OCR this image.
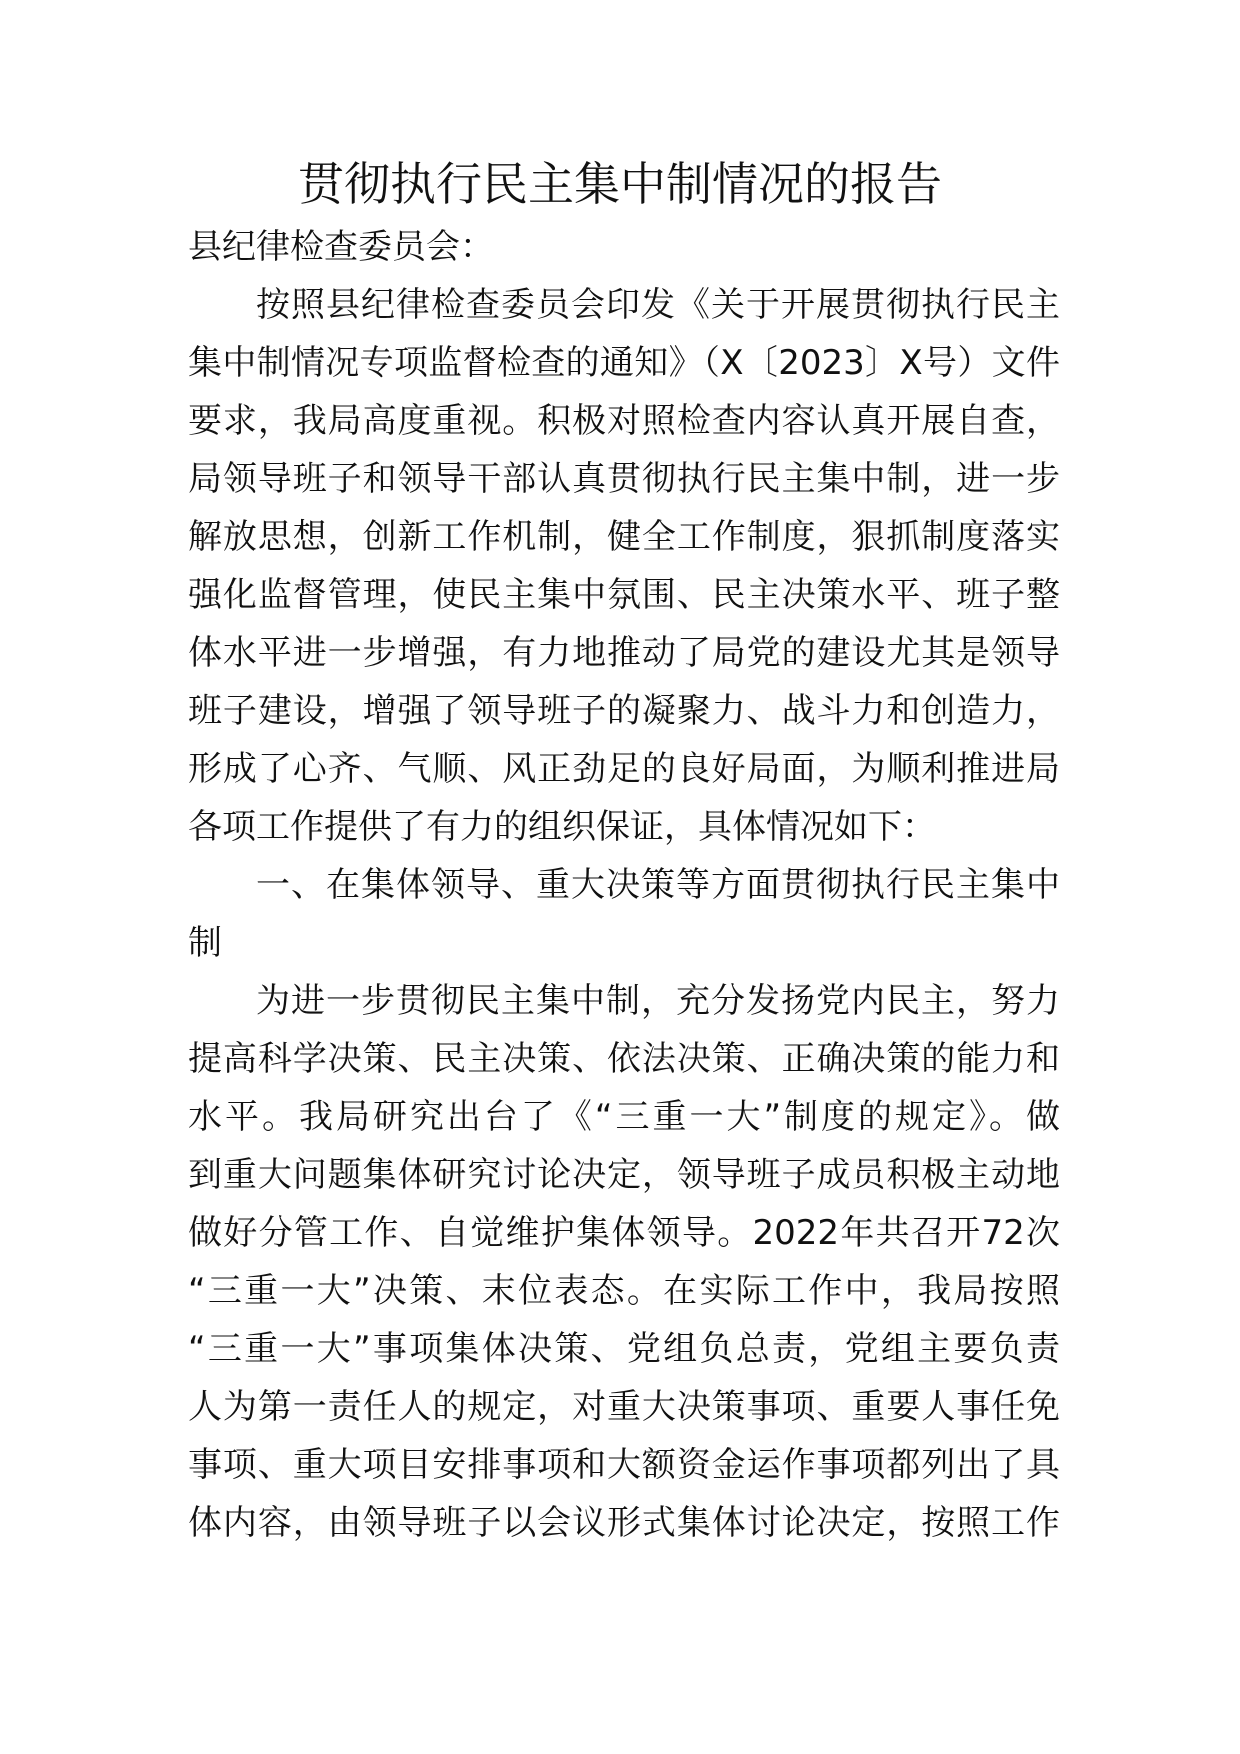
贯彻执行民主集中制情况的报告
县纪律检查委员会：
按照县纪律检查委员会印发《关于开展贯彻执行民主
集中制情况专项监督检查的通知》（X〔2023〕X号）文件
要求，我局高度重视。积极对照检查内容认真开展自查，
局领导班子和领导干部认真贯彻执行民主集中制，进一步
解放思想，创新工作机制，健全工作制度，狠抓制度落实
强化监督管理，使民主集中氛围、民主决策水平、班子整
体水平进一步增强，有力地推动了局党的建设尤其是领导
班子建设，增强了领导班子的凝聚力、战斗力和创造力，
形成了心齐、气顺、风正劲足的良好局面，为顺利推进局
各项工作提供了有力的组织保证，具体情况如下：
一、在集体领导、重大决策等方面贯彻执行民主集中
制
为进一步贯彻民主集中制，充分发扬党内民主，努力
提高科学决策、民主决策、依法决策、正确决策的能力和
水平。我局研究出台了《“三重一大”制度的规定》。做
到重大问题集体研究讨论决定，领导班子成员积极主动地
做好分管工作、自觉维护集体领导。2022年共召开72次
“三重一大”决策、末位表态。在实际工作中，我局按照
“三重一大”事项集体决策、党组负总责，党组主要负责
人为第一责任人的规定，对重大决策事项、重要人事任免
事项、重大项目安排事项和大额资金运作事项都列出了具
体内容，由领导班子以会议形式集体讨论决定，按照工作
